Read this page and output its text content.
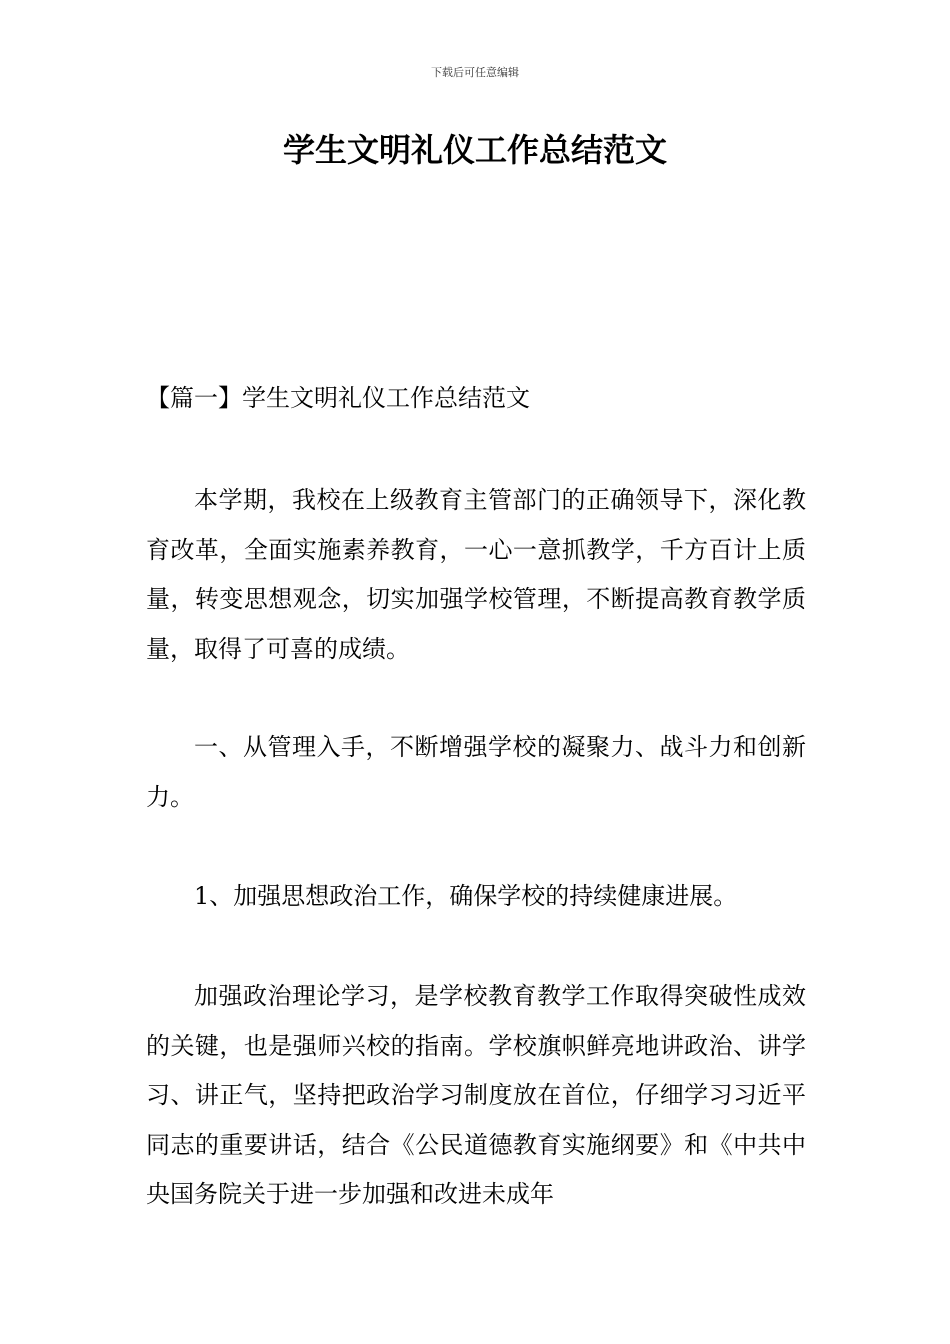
下载后可任意编辑
学生文明礼仪工作总结范文
【篇一】学生文明礼仪工作总结范文

本学期，我校在上级教育主管部门的正确领导下，深化教育改革，全面实施素养教育，一心一意抓教学，千方百计上质量，转变思想观念，切实加强学校管理，不断提高教育教学质量，取得了可喜的成绩。

一、从管理入手，不断增强学校的凝聚力、战斗力和创新力。

1、加强思想政治工作，确保学校的持续健康进展。

加强政治理论学习，是学校教育教学工作取得突破性成效的关键，也是强师兴校的指南。学校旗帜鲜亮地讲政治、讲学习、讲正气，坚持把政治学习制度放在首位，仔细学习习近平同志的重要讲话，结合《公民道德教育实施纲要》和《中共中央国务院关于进一步加强和改进未成年
